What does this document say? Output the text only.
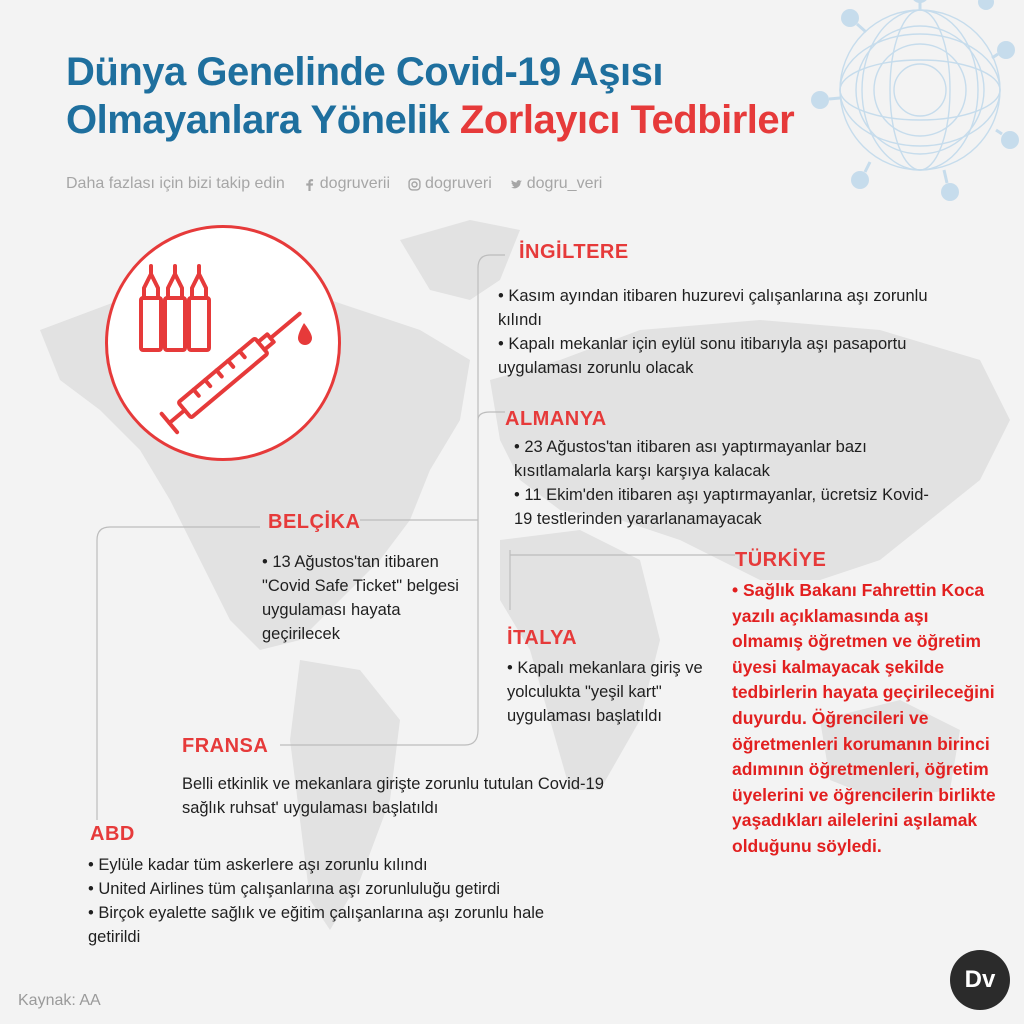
Dünya Genelinde Covid-19 Aşısı
Olmayanlara Yönelik Zorlayıcı Tedbirler
Daha fazlası için bizi takip edin dogruverii dogruveri dogru_veri
İNGİLTERE

• Kasım ayından itibaren huzurevi çalışanlarına aşı zorunlu kılındı

• Kapalı mekanlar için eylül sonu itibarıyla aşı pasaportu uygulaması zorunlu olacak

ALMANYA

• 23 Ağustos'tan itibaren ası yaptırmayanlar bazı kısıtlamalarla karşı karşıya kalacak

• 11 Ekim'den itibaren aşı yaptırmayanlar, ücretsiz Kovid-19 testlerinden yararlanamayacak

BELÇİKA

• 13 Ağustos'tan itibaren "Covid Safe Ticket" belgesi uygulaması hayata geçirilecek

TÜRKİYE

• Sağlık Bakanı Fahrettin Koca yazılı açıklamasında aşı olmamış öğretmen ve öğretim üyesi kalmayacak şekilde tedbirlerin hayata geçirileceğini duyurdu. Öğrencileri ve öğretmenleri korumanın birinci adımının öğretmenleri, öğretim üyelerini ve öğrencilerin birlikte yaşadıkları ailelerini aşılamak olduğunu söyledi.

İTALYA

• Kapalı mekanlara giriş ve yolculukta "yeşil kart" uygulaması başlatıldı

FRANSA

Belli etkinlik ve mekanlara girişte zorunlu tutulan Covid-19 sağlık ruhsat' uygulaması başlatıldı

ABD

• Eylüle kadar tüm askerlere aşı zorunlu kılındı

• United Airlines tüm çalışanlarına aşı zorunluluğu getirdi

• Birçok eyalette sağlık ve eğitim çalışanlarına aşı zorunlu hale getirildi

Kaynak: AA
Dv
